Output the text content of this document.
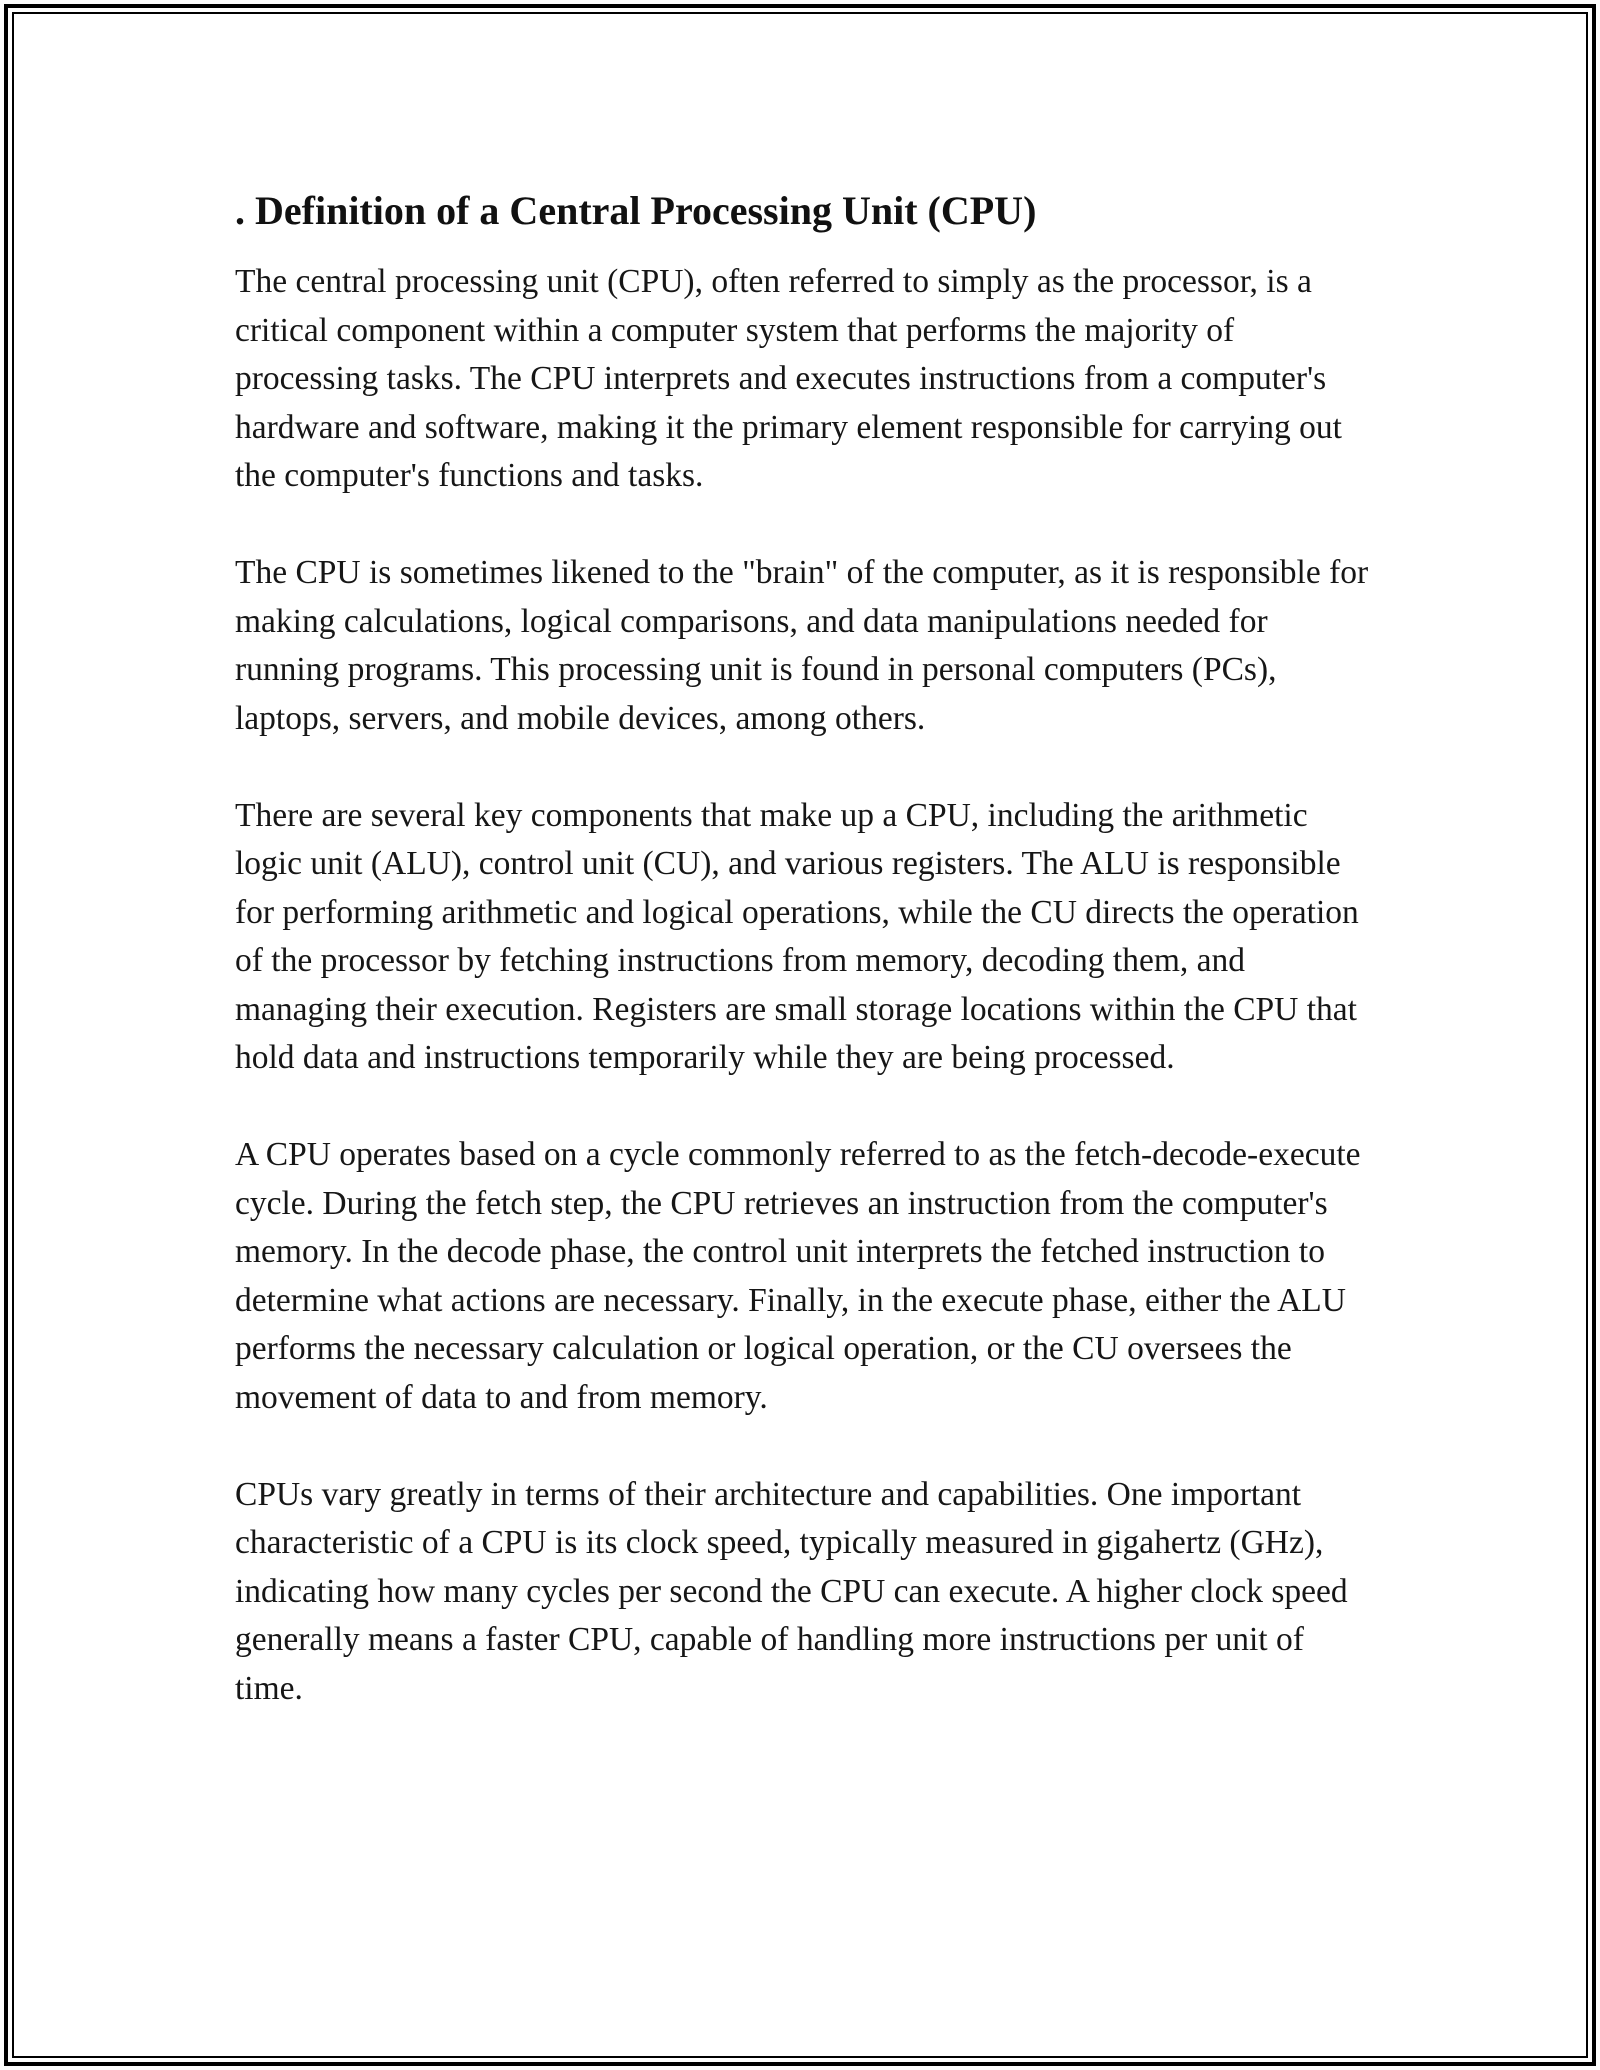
. Definition of a Central Processing Unit (CPU)

The central processing unit (CPU), often referred to simply as the processor, is a critical component within a computer system that performs the majority of processing tasks. The CPU interprets and executes instructions from a computer's hardware and software, making it the primary element responsible for carrying out the computer's functions and tasks.

The CPU is sometimes likened to the "brain" of the computer, as it is responsible for making calculations, logical comparisons, and data manipulations needed for running programs. This processing unit is found in personal computers (PCs), laptops, servers, and mobile devices, among others.

There are several key components that make up a CPU, including the arithmetic logic unit (ALU), control unit (CU), and various registers. The ALU is responsible for performing arithmetic and logical operations, while the CU directs the operation of the processor by fetching instructions from memory, decoding them, and managing their execution. Registers are small storage locations within the CPU that hold data and instructions temporarily while they are being processed.

A CPU operates based on a cycle commonly referred to as the fetch-decode-execute cycle. During the fetch step, the CPU retrieves an instruction from the computer's memory. In the decode phase, the control unit interprets the fetched instruction to determine what actions are necessary. Finally, in the execute phase, either the ALU performs the necessary calculation or logical operation, or the CU oversees the movement of data to and from memory.

CPUs vary greatly in terms of their architecture and capabilities. One important characteristic of a CPU is its clock speed, typically measured in gigahertz (GHz), indicating how many cycles per second the CPU can execute. A higher clock speed generally means a faster CPU, capable of handling more instructions per unit of time.
